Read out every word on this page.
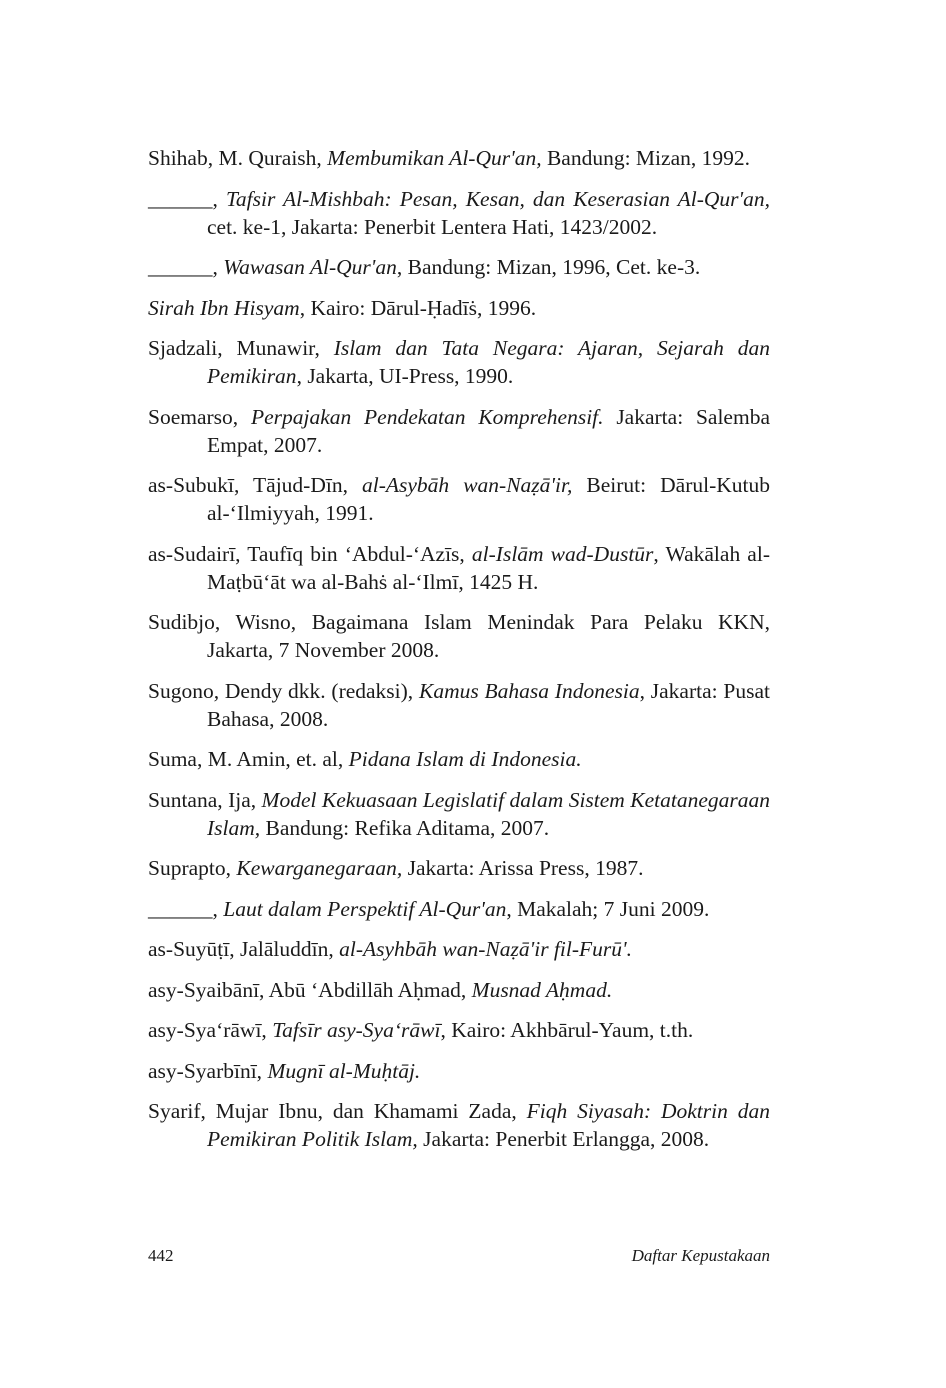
Shihab, M. Quraish, Membumikan Al-Qur'an, Bandung: Mizan, 1992.

______, Tafsir Al-Mishbah: Pesan, Kesan, dan Keserasian Al-Qur'an, cet. ke-1, Jakarta: Penerbit Lentera Hati, 1423/2002.

______, Wawasan Al-Qur'an, Bandung: Mizan, 1996, Cet. ke-3.

Sirah Ibn Hisyam, Kairo: Dārul-Ḥadīṡ, 1996.

Sjadzali, Munawir, Islam dan Tata Negara: Ajaran, Sejarah dan Pemikiran, Jakarta, UI-Press, 1990.

Soemarso, Perpajakan Pendekatan Komprehensif. Jakarta: Salemba Empat, 2007.

as-Subukī, Tājud-Dīn, al-Asybāh wan-Naẓā'ir, Beirut: Dārul-Kutub al-‘Ilmiyyah, 1991.

as-Sudairī, Taufīq bin ‘Abdul-‘Azīs, al-Islām wad-Dustūr, Wakālah al-Maṭbū‘āt wa al-Bahṡ al-‘Ilmī, 1425 H.

Sudibjo, Wisno, Bagaimana Islam Menindak Para Pelaku KKN, Jakarta, 7 November 2008.

Sugono, Dendy dkk. (redaksi), Kamus Bahasa Indonesia, Jakarta: Pusat Bahasa, 2008.

Suma, M. Amin, et. al, Pidana Islam di Indonesia.

Suntana, Ija, Model Kekuasaan Legislatif dalam Sistem Ketatanegaraan Islam, Bandung: Refika Aditama, 2007.

Suprapto, Kewarganegaraan, Jakarta: Arissa Press, 1987.

______, Laut dalam Perspektif Al-Qur'an, Makalah; 7 Juni 2009.

as-Suyūṭī, Jalāluddīn, al-Asyhbāh wan-Naẓā'ir fil-Furū'.

asy-Syaibānī, Abū ‘Abdillāh Aḥmad, Musnad Aḥmad.

asy-Sya‘rāwī, Tafsīr asy-Sya‘rāwī, Kairo: Akhbārul-Yaum, t.th.

asy-Syarbīnī, Mugnī al-Muḥtāj.

Syarif, Mujar Ibnu, dan Khamami Zada, Fiqh Siyasah: Doktrin dan Pemikiran Politik Islam, Jakarta: Penerbit Erlangga, 2008.

442	Daftar Kepustakaan
